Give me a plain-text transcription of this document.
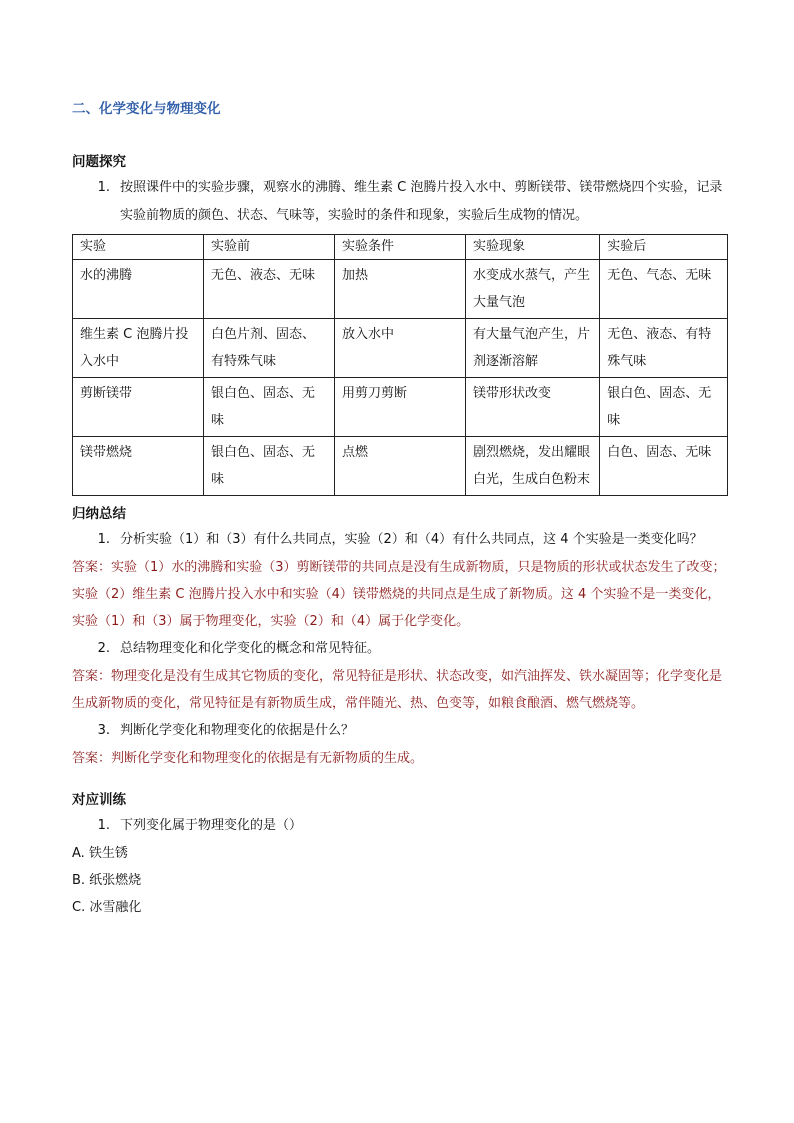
二、化学变化与物理变化
问题探究
1. 按照课件中的实验步骤，观察水的沸腾、维生素 C 泡腾片投入水中、剪断镁带、镁带燃烧四个实验，记录实验前物质的颜色、状态、气味等，实验时的条件和现象，实验后生成物的情况。
实验	实验前	实验条件	实验现象	实验后
水的沸腾	无色、液态、无味	加热	水变成水蒸气，产生大量气泡	无色、气态、无味
维生素 C 泡腾片投入水中	白色片剂、固态、有特殊气味	放入水中	有大量气泡产生，片剂逐渐溶解	无色、液态、有特殊气味
剪断镁带	银白色、固态、无味	用剪刀剪断	镁带形状改变	银白色、固态、无味
镁带燃烧	银白色、固态、无味	点燃	剧烈燃烧，发出耀眼白光，生成白色粉末	白色、固态、无味
归纳总结
1. 分析实验（1）和（3）有什么共同点，实验（2）和（4）有什么共同点，这 4 个实验是一类变化吗？
答案：实验（1）水的沸腾和实验（3）剪断镁带的共同点是没有生成新物质，只是物质的形状或状态发生了改变；实验（2）维生素 C 泡腾片投入水中和实验（4）镁带燃烧的共同点是生成了新物质。这 4 个实验不是一类变化，实验（1）和（3）属于物理变化，实验（2）和（4）属于化学变化。
2. 总结物理变化和化学变化的概念和常见特征。
答案：物理变化是没有生成其它物质的变化，常见特征是形状、状态改变，如汽油挥发、铁水凝固等；化学变化是生成新物质的变化，常见特征是有新物质生成，常伴随光、热、色变等，如粮食酿酒、燃气燃烧等。
3. 判断化学变化和物理变化的依据是什么？
答案：判断化学变化和物理变化的依据是有无新物质的生成。
对应训练
1. 下列变化属于物理变化的是（）
A. 铁生锈
B. 纸张燃烧
C. 冰雪融化
